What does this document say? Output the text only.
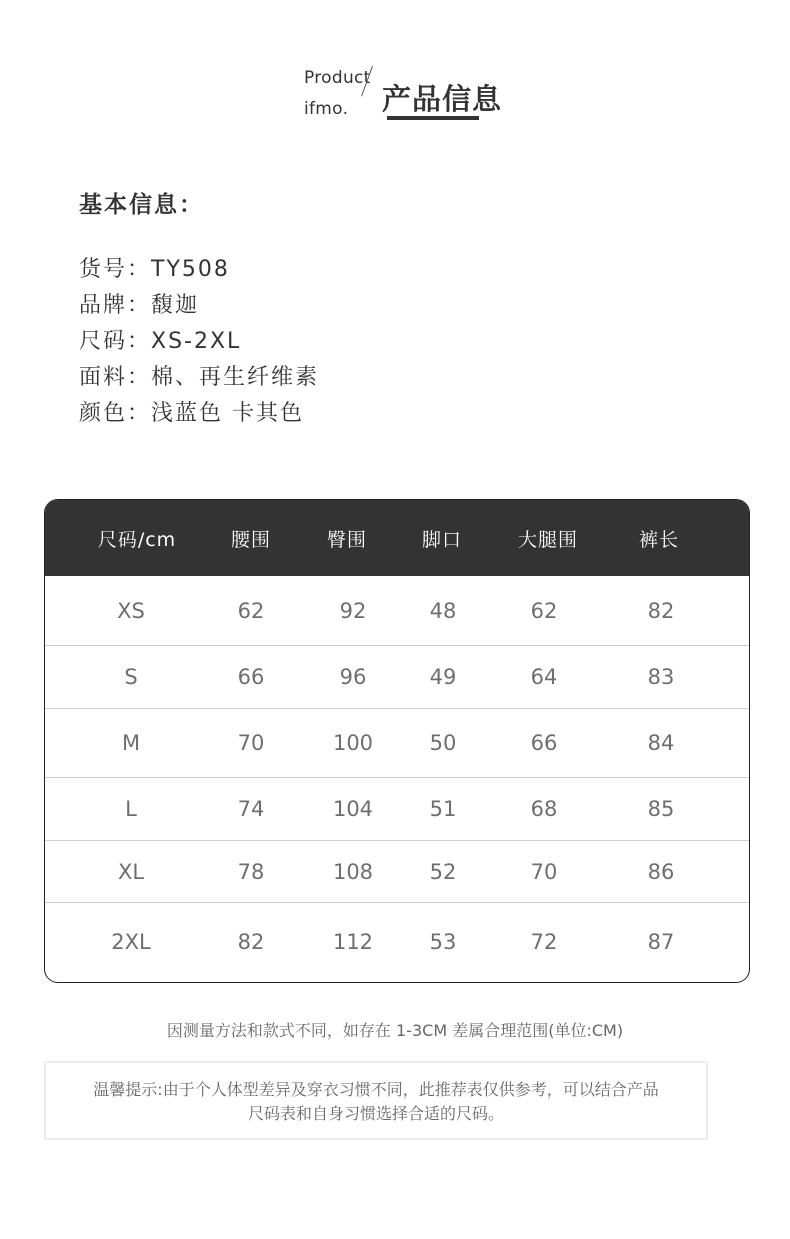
Product
ifmo. 产品信息
基本信息：
货号：TY508
品牌：馥迦
尺码：XS-2XL
面料：棉、再生纤维素
颜色：浅蓝色 卡其色
尺码/cm	腰围	臀围	脚口	大腿围	裤长
XS	62	92	48	62	82
S	66	96	49	64	83
M	70	100	50	66	84
L	74	104	51	68	85
XL	78	108	52	70	86
2XL	82	112	53	72	87
因测量方法和款式不同，如存在 1-3CM 差属合理范围(单位:CM)
温馨提示:由于个人体型差异及穿衣习惯不同，此推荐表仅供参考，可以结合产品
尺码表和自身习惯选择合适的尺码。
